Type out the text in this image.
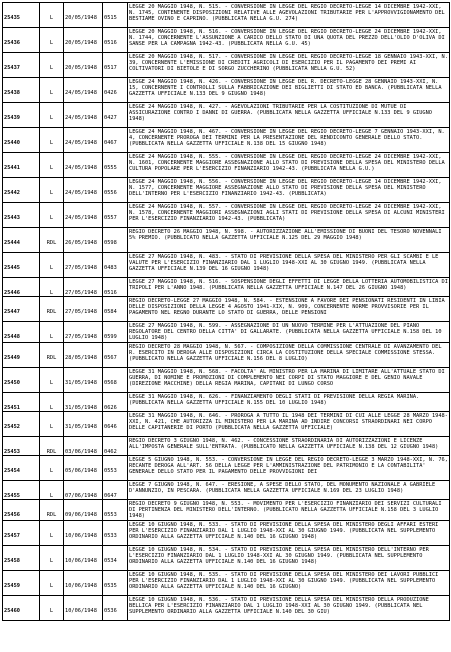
25435	L	20/05/1948	0515	LEGGE 20 MAGGIO 1948, N. 515. - CONVERSIONE IN LEGGE DEL REGIO DECRETO-LEGGE 14 DICEMBRE 1942-XXI, N. 1745, CONTENENTE DISPOSIZIONI RELATIVE ALLE AGEVOLAZIONI TRIBUTARIE PER L'APPROVVIGIONAMENTO DEL BESTIAME OVINO E CAPRINO. (PUBBLICATA NELLA G.U. 274)
25436	L	20/05/1948	0516	LEGGE 20 MAGGIO 1948, N. 516. - CONVERSIONE IN LEGGE DEL REGIO DECRETO-LEGGE 24 DICEMBRE 1942-XXI, N. 1744, CONCERNENTE L'ASSUNZIONE A CARICO DELLO STATO DI UNA QUOTA DEL PREZZO DELL'OLIO D'OLIVA DI SANSE PER LA CAMPAGNA 1942-43. (PUBBLICATA NELLA G.U. 45)
25437	L	20/05/1948	0517	LEGGE 20 MAGGIO 1948, N. 517. - CONVERSIONE IN LEGGE DEL REGIO DECRETO-LEGGE 18 GENNAIO 1943-XXI, N. 39, CONCERNENTE L'EMISSIONE DI CREDITI AGRICOLI DI ESERCIZIO PER IL PAGAMENTO DEI PREMI AI COLTIVATORI DI BIETOLE E DI SORGO ZUCCHERINO (PUBBLICATA NELLA G.U. 52)
25438	L	24/05/1948	0426	LEGGE 24 MAGGIO 1948, N. 426. - CONVERSIONE IN LEGGE DEL R. DECRETO-LEGGE 28 GENNAIO 1943-XXI, N. 15, CONCERNENTE I CONTROLLI SULLA FABBRICAZIONE DEI BIGLIETTI DI STATO ED BANCA. (PUBBLICATA NELLA GAZZETTA UFFICIALE N.133 DEL 9 GIUGNO 1948)
25439	L	24/05/1948	0427	LEGGE 24 MAGGIO 1948, N. 427. - AGEVOLAZIONI TRIBUTARIE PER LA COSTITUZIONE DI MUTUE DI ASSICURAZIONE CONTRO I DANNI DI GUERRA. (PUBBLICATA NELLA GAZZETTA UFFICIALE N.133 DEL 9 GIUGNO 1948)
25440	L	24/05/1948	0467	LEGGE 24 MAGGIO 1948, N. 467. - CONVERSIONE IN LEGGE DEL REGIO DECRETO-LEGGE 7 GENNAIO 1943-XXI, N. 4, CONCERNENTE PROROGA DEI TERMINI PER LA PRESENTAZIONE DEL RENDICONTO GENERALE DELLO STATO. (PUBBLICATA NELLA GAZZETTA UFFICIALE N.138 DEL 15 GIUGNO 1948)
25441	L	24/05/1948	0555	LEGGE 24 MAGGIO 1948, N. 555. - CONVERSIONE IN LEGGE DEL REGIO DECRETO-LEGGE 24 DICEMBRE 1942-XXI, N. 1601, CONCERNENTE MAGGIORE ASSEGNAZIONE ALLO STATO DI PREVISIONE DELLA SPESA DEL MINISTERO DELLA CULTURA POPOLARE PER L'ESERCIZIO FINANZIARIO 1942-43. (PUBBLICATA NELLA G.U.)
25442	L	24/05/1948	0556	LEGGE 24 MAGGIO 1948, N. 556. - CONVERSIONE IN LEGGE DEL REGIO DECRETO-LEGGE 14 DICEMBRE 1942-XXI, N. 1577, CONCERNENTE MAGGIORE ASSEGNAZIONE ALLO STATO DI PREVISIONE DELLA SPESA DEL MINISTERO DELL'INTERNO PER L'ESERCIZIO FINANZIARIO 1942-43. (PUBBLICATA)
25443	L	24/05/1948	0557	LEGGE 24 MAGGIO 1948, N. 557. - CONVERSIONE IN LEGGE DEL REGIO DECRETO-LEGGE 24 DICEMBRE 1942-XXI, N. 1578, CONCERNENTE MAGGIORI ASSEGNAZIONI AGLI STATI DI PREVISIONE DELLA SPESA DI ALCUNI MINISTERI PER L'ESERCIZIO FINANZIARIO 1942-43. (PUBBLICATA)
25444	RDL	26/05/1948	0598	REGIO DECRETO 26 MAGGIO 1948, N. 598. - AUTORIZZAZIONE ALL'EMISSIONE DI BUONI DEL TESORO NOVENNALI 5% PREMIO. (PUBBLICATO NELLA GAZZETTA UFFICIALE N.125 DEL 29 MAGGIO 1948)
25445	L	27/05/1948	0483	LEGGE 27 MAGGIO 1948, N. 483. - STATO DI PREVISIONE DELLA SPESA DEL MINISTERO PER GLI SCAMBI E LE VALUTE PER L'ESERCIZIO FINANZIARIO DAL 1 LUGLIO 1948-XXI AL 30 GIUGNO 1949. (PUBBLICATA NELLA GAZZETTA UFFICIALE N.139 DEL 16 GIUGNO 1948)
25446	L	27/05/1948	0516	LEGGE 27 MAGGIO 1948, N. 516. - SOSPENSIONE DEGLI EFFETTI DI LEGGE DELLA LOTTERIA AUTOMOBILISTICA DI TRIPOLI PER L'ANNO 1948. (PUBBLICATA NELLA GAZZETTA UFFICIALE N.147 DEL 26 GIUGNO 1948)
25447	RDL	27/05/1948	0584	REGIO DECRETO-LEGGE 27 MAGGIO 1948, N. 584. - ESTENSIONE A FAVORE DEI PENSIONATI RESIDENTI IN LIBIA DELLE DISPOSIZIONI DELLA LEGGE 4 AGOSTO 1941-XIX, N. 909, CONCERNENTE NORME PROVVISORIE PER IL PAGAMENTO NEL REGNO DURANTE LO STATO DI GUERRA, DELLE PENSIONI
25448	L	27/05/1948	0599	LEGGE 27 MAGGIO 1948, N. 599. - ASSEGNAZIONE DI UN NUOVO TERMINE PER L'ATTUAZIONE DEL PIANO REGOLATORE DEL CENTRO DELLA CITTA' DI GALLARATE. (PUBBLICATA NELLA GAZZETTA UFFICIALE N.158 DEL 10 LUGLIO 1948)
25449	RDL	28/05/1948	0567	REGIO DECRETO 28 MAGGIO 1948, N. 567. - COMPOSIZIONE DELLA COMMISSIONE CENTRALE DI AVANZAMENTO DEL R. ESERCITO IN DEROGA ALLE DISPOSIZIONI CIRCA LA COSTITUZIONE DELLA SPECIALE COMMISSIONE STESSA. (PUBBLICATO NELLA GAZZETTA UFFICIALE N.156 DEL 8 LUGLIO)
25450	L	31/05/1948	0568	LEGGE 31 MAGGIO 1948, N. 568. - FACOLTA' AL MINISTRO PER LA MARINA DI LIMITARE ALL'ATTUALE STATO DI GUERRA, DI NOMINE E PROMOZIONI DI COMPLEMENTO NEI CORPI DI STATO MAGGIORE E DEL GENIO NAVALE (DIREZIONE MACCHINE) DELLA REGIA MARINA, CAPITANI DI LUNGO CORSO
25451	L	31/05/1948	0626	LEGGE 31 MAGGIO 1948, N. 626. - FINANZIAMENTO DEGLI STATI DI PREVISIONE DELLA REGIA MARINA. (PUBBLICATA NELLA GAZZETTA UFFICIALE N.155 DEL 10 LUGLIO 1948)
25452	L	31/05/1948	0646	LEGGE 31 MAGGIO 1948, N. 646. - PROROGA A TUTTO IL 1948 DEI TERMINI DI CUI ALLE LEGGE 28 MARZO 1948-XXI, N. 421, CHE AUTORIZZA IL MINISTERO PER LA MARINA AD INDIRE CONCORSI STRAORDINARI NEI CORPO DELLE CAPITANERIE DI PORTO (PUBBLICATA NELLA GAZZETTA UFFICIALE)
25453	RDL	03/06/1948	0462	REGIO DECRETO 3 GIUGNO 1948, N. 462. - CONCESSIONE STRAORDINARIA DI AUTORIZZAZIONI E LICENZE ALL'IMPOSTA GENERALE SULL'ENTRATA. (PUBBLICATO NELLA GAZZETTA UFFICIALE N.138 DEL 12 GIUGNO 1948)
25454	L	05/06/1948	0553	LEGGE 5 GIUGNO 1948, N. 553. - CONVERSIONE IN LEGGE DEL REGIO DECRETO-LEGGE 3 MARZO 1948-XXI, N. 76, RECANTE DEROGA ALL'ART. 56 DELLA LEGGE PER L'AMMINISTRAZIONE DEL PATRIMONIO E LA CONTABILITA' GENERALE DELLO STATO PER IL PAGAMENTO DELLE PROVVIGIONI DEI
25455	L	07/06/1948	0647	LEGGE 7 GIUGNO 1948, N. 647. - ERESIONE, A SPESE DELLO STATO, DEL MONUMENTO NAZIONALE A GABRIELE D'ANNUNZIO, IN PESCARA. (PUBBLICATA NELLA GAZZETTA UFFICIALE N.169 DEL 23 LUGLIO 1948)
25456	RDL	09/06/1948	0553	REGIO DECRETO 9 GIUGNO 1948, N. 553. - MOVIMENTO PER L'ESERCIZIO FINANZIARIO DEI SERVIZI CULTURALI DI PERTINENZA DEL MINISTERO DELL'INTERNO. (PUBBLICATO NELLA GAZZETTA UFFICIALE N.158 DEL 3 LUGLIO 1948)
25457	L	10/06/1948	0533	LEGGE 10 GIUGNO 1948, N. 533. - STATO DI PREVISIONE DELLA SPESA DEL MINISTERO DEGLI AFFARI ESTERI PER L'ESERCIZIO FINANZIARIO DAL 1 LUGLIO 1948-XXI AL 30 GIUGNO 1949. (PUBBLICATA NEL SUPPLEMENTO ORDINARIO ALLA GAZZETTA UFFICIALE N.140 DEL 16 GIUGNO 1948)
25458	L	10/06/1948	0534	LEGGE 10 GIUGNO 1948, N. 534. - STATO DI PREVISIONE DELLA SPESA DEL MINISTERO DELL'INTERNO PER L'ESERCIZIO FINANZIARIO DAL 1 LUGLIO 1948-XXI AL 30 GIUGNO 1949. (PUBBLICATA NEL SUPPLEMENTO ORDINARIO ALLA GAZZETTA UFFICIALE N.140 DEL 16 GIUGNO 1948)
25459	L	10/06/1948	0535	LEGGE 10 GIUGNO 1948, N. 535. - STATO DI PREVISIONE DELLA SPESA DEL MINISTERO DEI LAVORI PUBBLICI PER L'ESERCIZIO FINANZIARIO DAL 1 LUGLIO 1948-XXI AL 30 GIUGNO 1949. (PUBBLICATA NEL SUPPLEMENTO ORDINARIO ALLA GAZZETTA UFFICIALE N.140 DEL 16 GIUGNO)
25460	L	10/06/1948	0536	LEGGE 10 GIUGNO 1948, N. 536. - STATO DI PREVISIONE DELLA SPESA DEL MINISTERO DELLA PRODUZIONE BELLICA PER L'ESERCIZIO FINANZIARIO DAL 1 LUGLIO 1948-XXI AL 30 GIUGNO 1949. (PUBBLICATA NEL SUPPLEMENTO ORDINARIO ALLA GAZZETTA UFFICIALE N.140 DEL 30 GIU)
